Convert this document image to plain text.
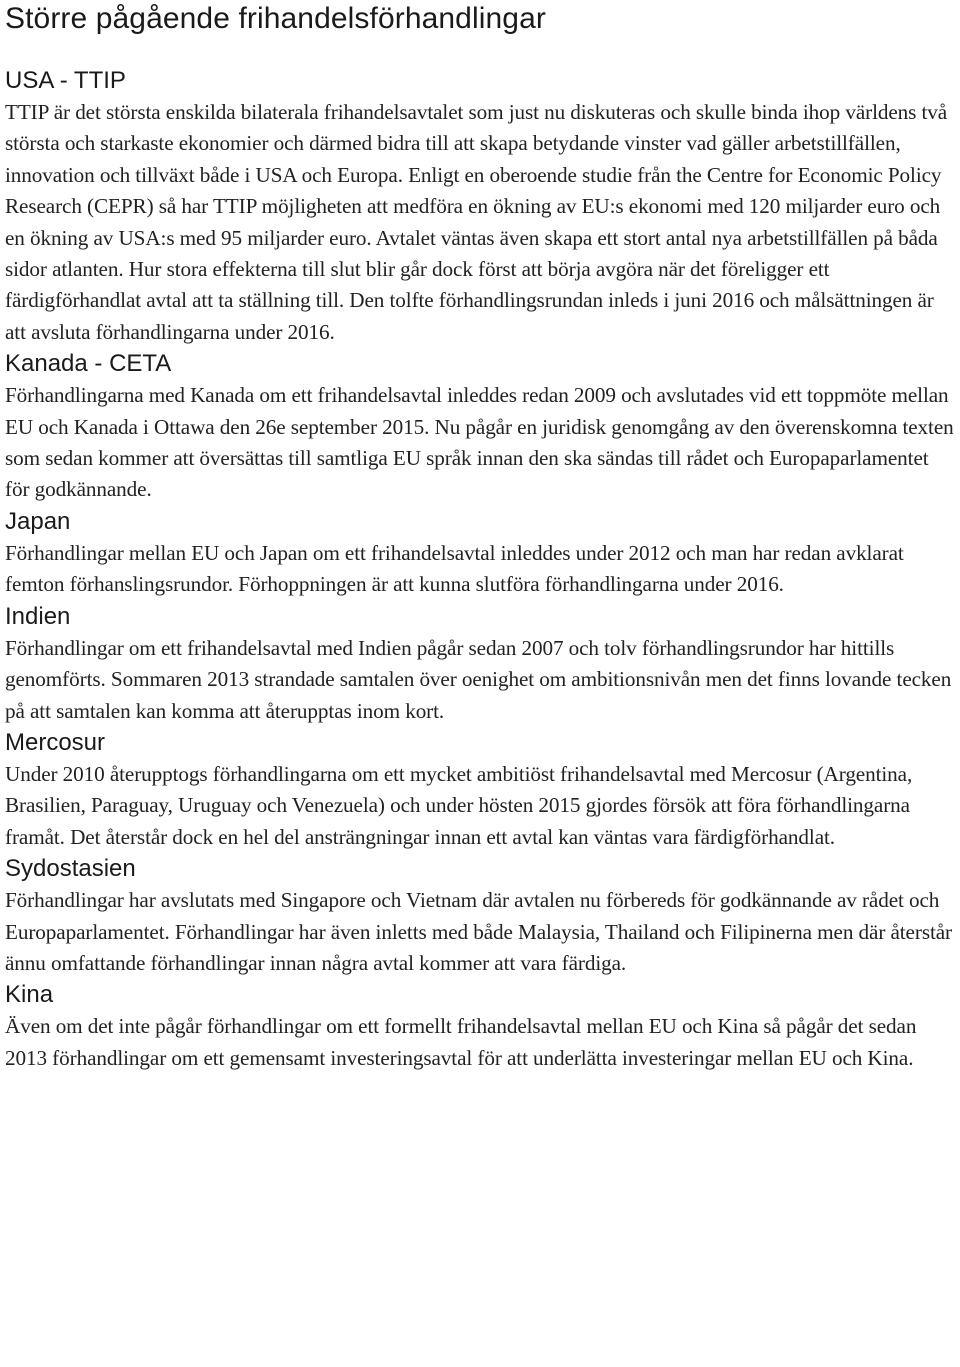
Större pågående frihandelsförhandlingar
USA - TTIP

TTIP är det största enskilda bilaterala frihandelsavtalet som just nu diskuteras och skulle binda ihop världens två största och starkaste ekonomier och därmed bidra till att skapa betydande vinster vad gäller arbetstillfällen, innovation och tillväxt både i USA och Europa. Enligt en oberoende studie från the Centre for Economic Policy Research (CEPR) så har TTIP möjligheten att medföra en ökning av EU:s ekonomi med 120 miljarder euro och en ökning av USA:s med 95 miljarder euro. Avtalet väntas även skapa ett stort antal nya arbetstillfällen på båda sidor atlanten. Hur stora effekterna till slut blir går dock först att börja avgöra när det föreligger ett färdigförhandlat avtal att ta ställning till. Den tolfte förhandlingsrundan inleds i juni 2016 och målsättningen är att avsluta förhandlingarna under 2016.

Kanada - CETA

Förhandlingarna med Kanada om ett frihandelsavtal inleddes redan 2009 och avslutades vid ett toppmöte mellan EU och Kanada i Ottawa den 26e september 2015. Nu pågår en juridisk genomgång av den överenskomna texten som sedan kommer att översättas till samtliga EU språk innan den ska sändas till rådet och Europaparlamentet för godkännande.

Japan

Förhandlingar mellan EU och Japan om ett frihandelsavtal inleddes under 2012 och man har redan avklarat femton förhanslingsrundor. Förhoppningen är att kunna slutföra förhandlingarna under 2016.

Indien

Förhandlingar om ett frihandelsavtal med Indien pågår sedan 2007 och tolv förhandlingsrundor har hittills genomförts. Sommaren 2013 strandade samtalen över oenighet om ambitionsnivån men det finns lovande tecken på att samtalen kan komma att återupptas inom kort.

Mercosur

Under 2010 återupptogs förhandlingarna om ett mycket ambitiöst frihandelsavtal med Mercosur (Argentina, Brasilien, Paraguay, Uruguay och Venezuela) och under hösten 2015 gjordes försök att föra förhandlingarna framåt. Det återstår dock en hel del ansträngningar innan ett avtal kan väntas vara färdigförhandlat.

Sydostasien

Förhandlingar har avslutats med Singapore och Vietnam där avtalen nu förbereds för godkännande av rådet och Europaparlamentet. Förhandlingar har även inletts med både Malaysia, Thailand och Filipinerna men där återstår ännu omfattande förhandlingar innan några avtal kommer att vara färdiga.

Kina

Även om det inte pågår förhandlingar om ett formellt frihandelsavtal mellan EU och Kina så pågår det sedan 2013 förhandlingar om ett gemensamt investeringsavtal för att underlätta investeringar mellan EU och Kina.
